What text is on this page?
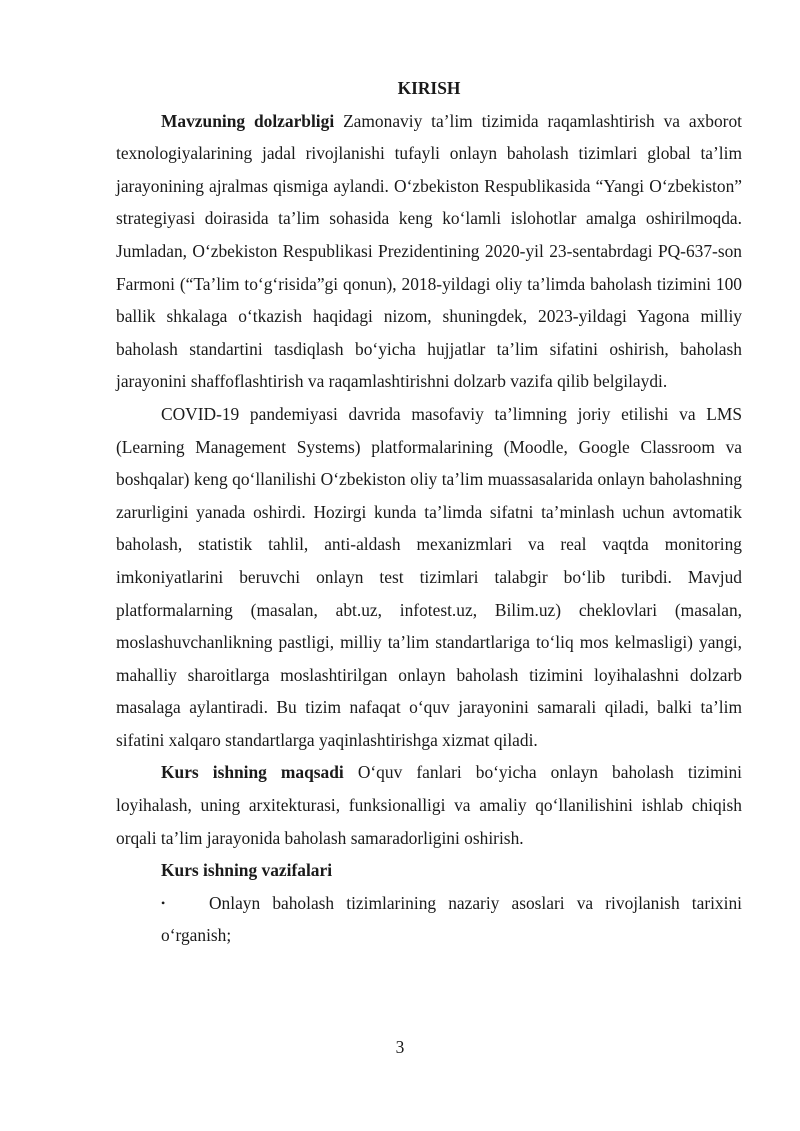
KIRISH

Mavzuning dolzarbligi Zamonaviy ta’lim tizimida raqamlashtirish va axborot texnologiyalarining jadal rivojlanishi tufayli onlayn baholash tizimlari global ta’lim jarayonining ajralmas qismiga aylandi. O‘zbekiston Respublikasida “Yangi O‘zbekiston” strategiyasi doirasida ta’lim sohasida keng ko‘lamli islohotlar amalga oshirilmoqda. Jumladan, O‘zbekiston Respublikasi Prezidentining 2020-yil 23-sentabrdagi PQ-637-son Farmoni (“Ta’lim to‘g‘risida”gi qonun), 2018-yildagi oliy ta’limda baholash tizimini 100 ballik shkalaga o‘tkazish haqidagi nizom, shuningdek, 2023-yildagi Yagona milliy baholash standartini tasdiqlash bo‘yicha hujjatlar ta’lim sifatini oshirish, baholash jarayonini shaffoflashtirish va raqamlashtirishni dolzarb vazifa qilib belgilaydi.

COVID-19 pandemiyasi davrida masofaviy ta’limning joriy etilishi va LMS (Learning Management Systems) platformalarining (Moodle, Google Classroom va boshqalar) keng qo‘llanilishi O‘zbekiston oliy ta’lim muassasalarida onlayn baholashning zarurligini yanada oshirdi. Hozirgi kunda ta’limda sifatni ta’minlash uchun avtomatik baholash, statistik tahlil, anti-aldash mexanizmlari va real vaqtda monitoring imkoniyatlarini beruvchi onlayn test tizimlari talabgir bo‘lib turibdi. Mavjud platformalarning (masalan, abt.uz, infotest.uz, Bilim.uz) cheklovlari (masalan, moslashuvchanlikning pastligi, milliy ta’lim standartlariga to‘liq mos kelmasligi) yangi, mahalliy sharoitlarga moslashtirilgan onlayn baholash tizimini loyihalashni dolzarb masalaga aylantiradi. Bu tizim nafaqat o‘quv jarayonini samarali qiladi, balki ta’lim sifatini xalqaro standartlarga yaqinlashtirishga xizmat qiladi.

Kurs ishning maqsadi O‘quv fanlari bo‘yicha onlayn baholash tizimini loyihalash, uning arxitekturasi, funksionalligi va amaliy qo‘llanilishini ishlab chiqish orqali ta’lim jarayonida baholash samaradorligini oshirish.

Kurs ishning vazifalari

•	Onlayn baholash tizimlarining nazariy asoslari va rivojlanish tarixini o‘rganish;

3
